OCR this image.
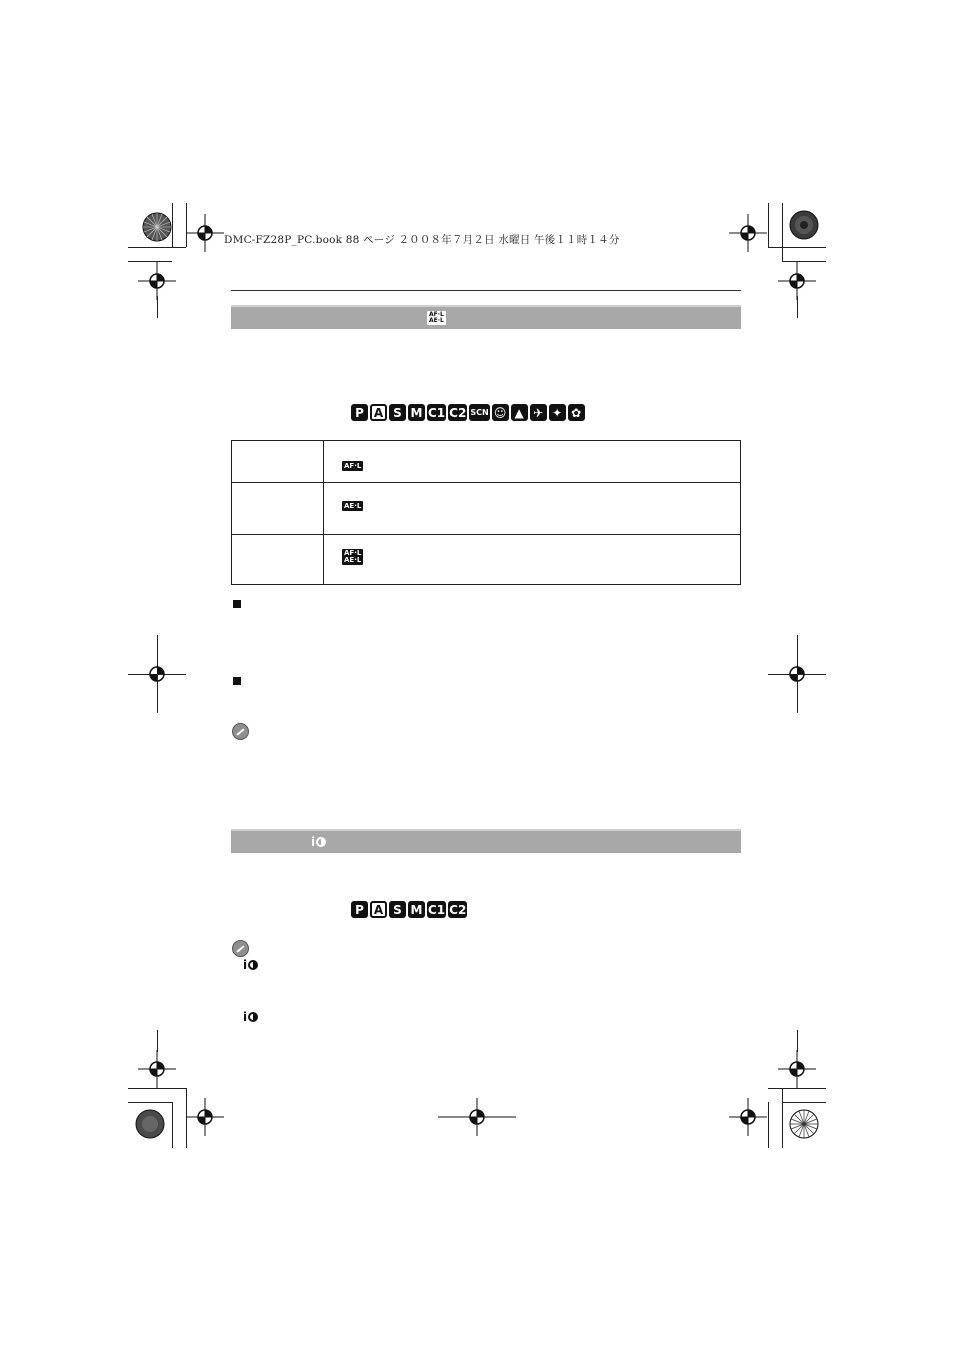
DMC-FZ28P_PC.book 88 ページ ２００８年７月２日 水曜日 午後１１時１４分
AF·L
AE·L
P A S M C1 C2 SCN ☺ ▲ ✈ ✦ ✿
AF·L
AE·L
AF·L
AE·L
i
P A S M C1 C2
i
i
